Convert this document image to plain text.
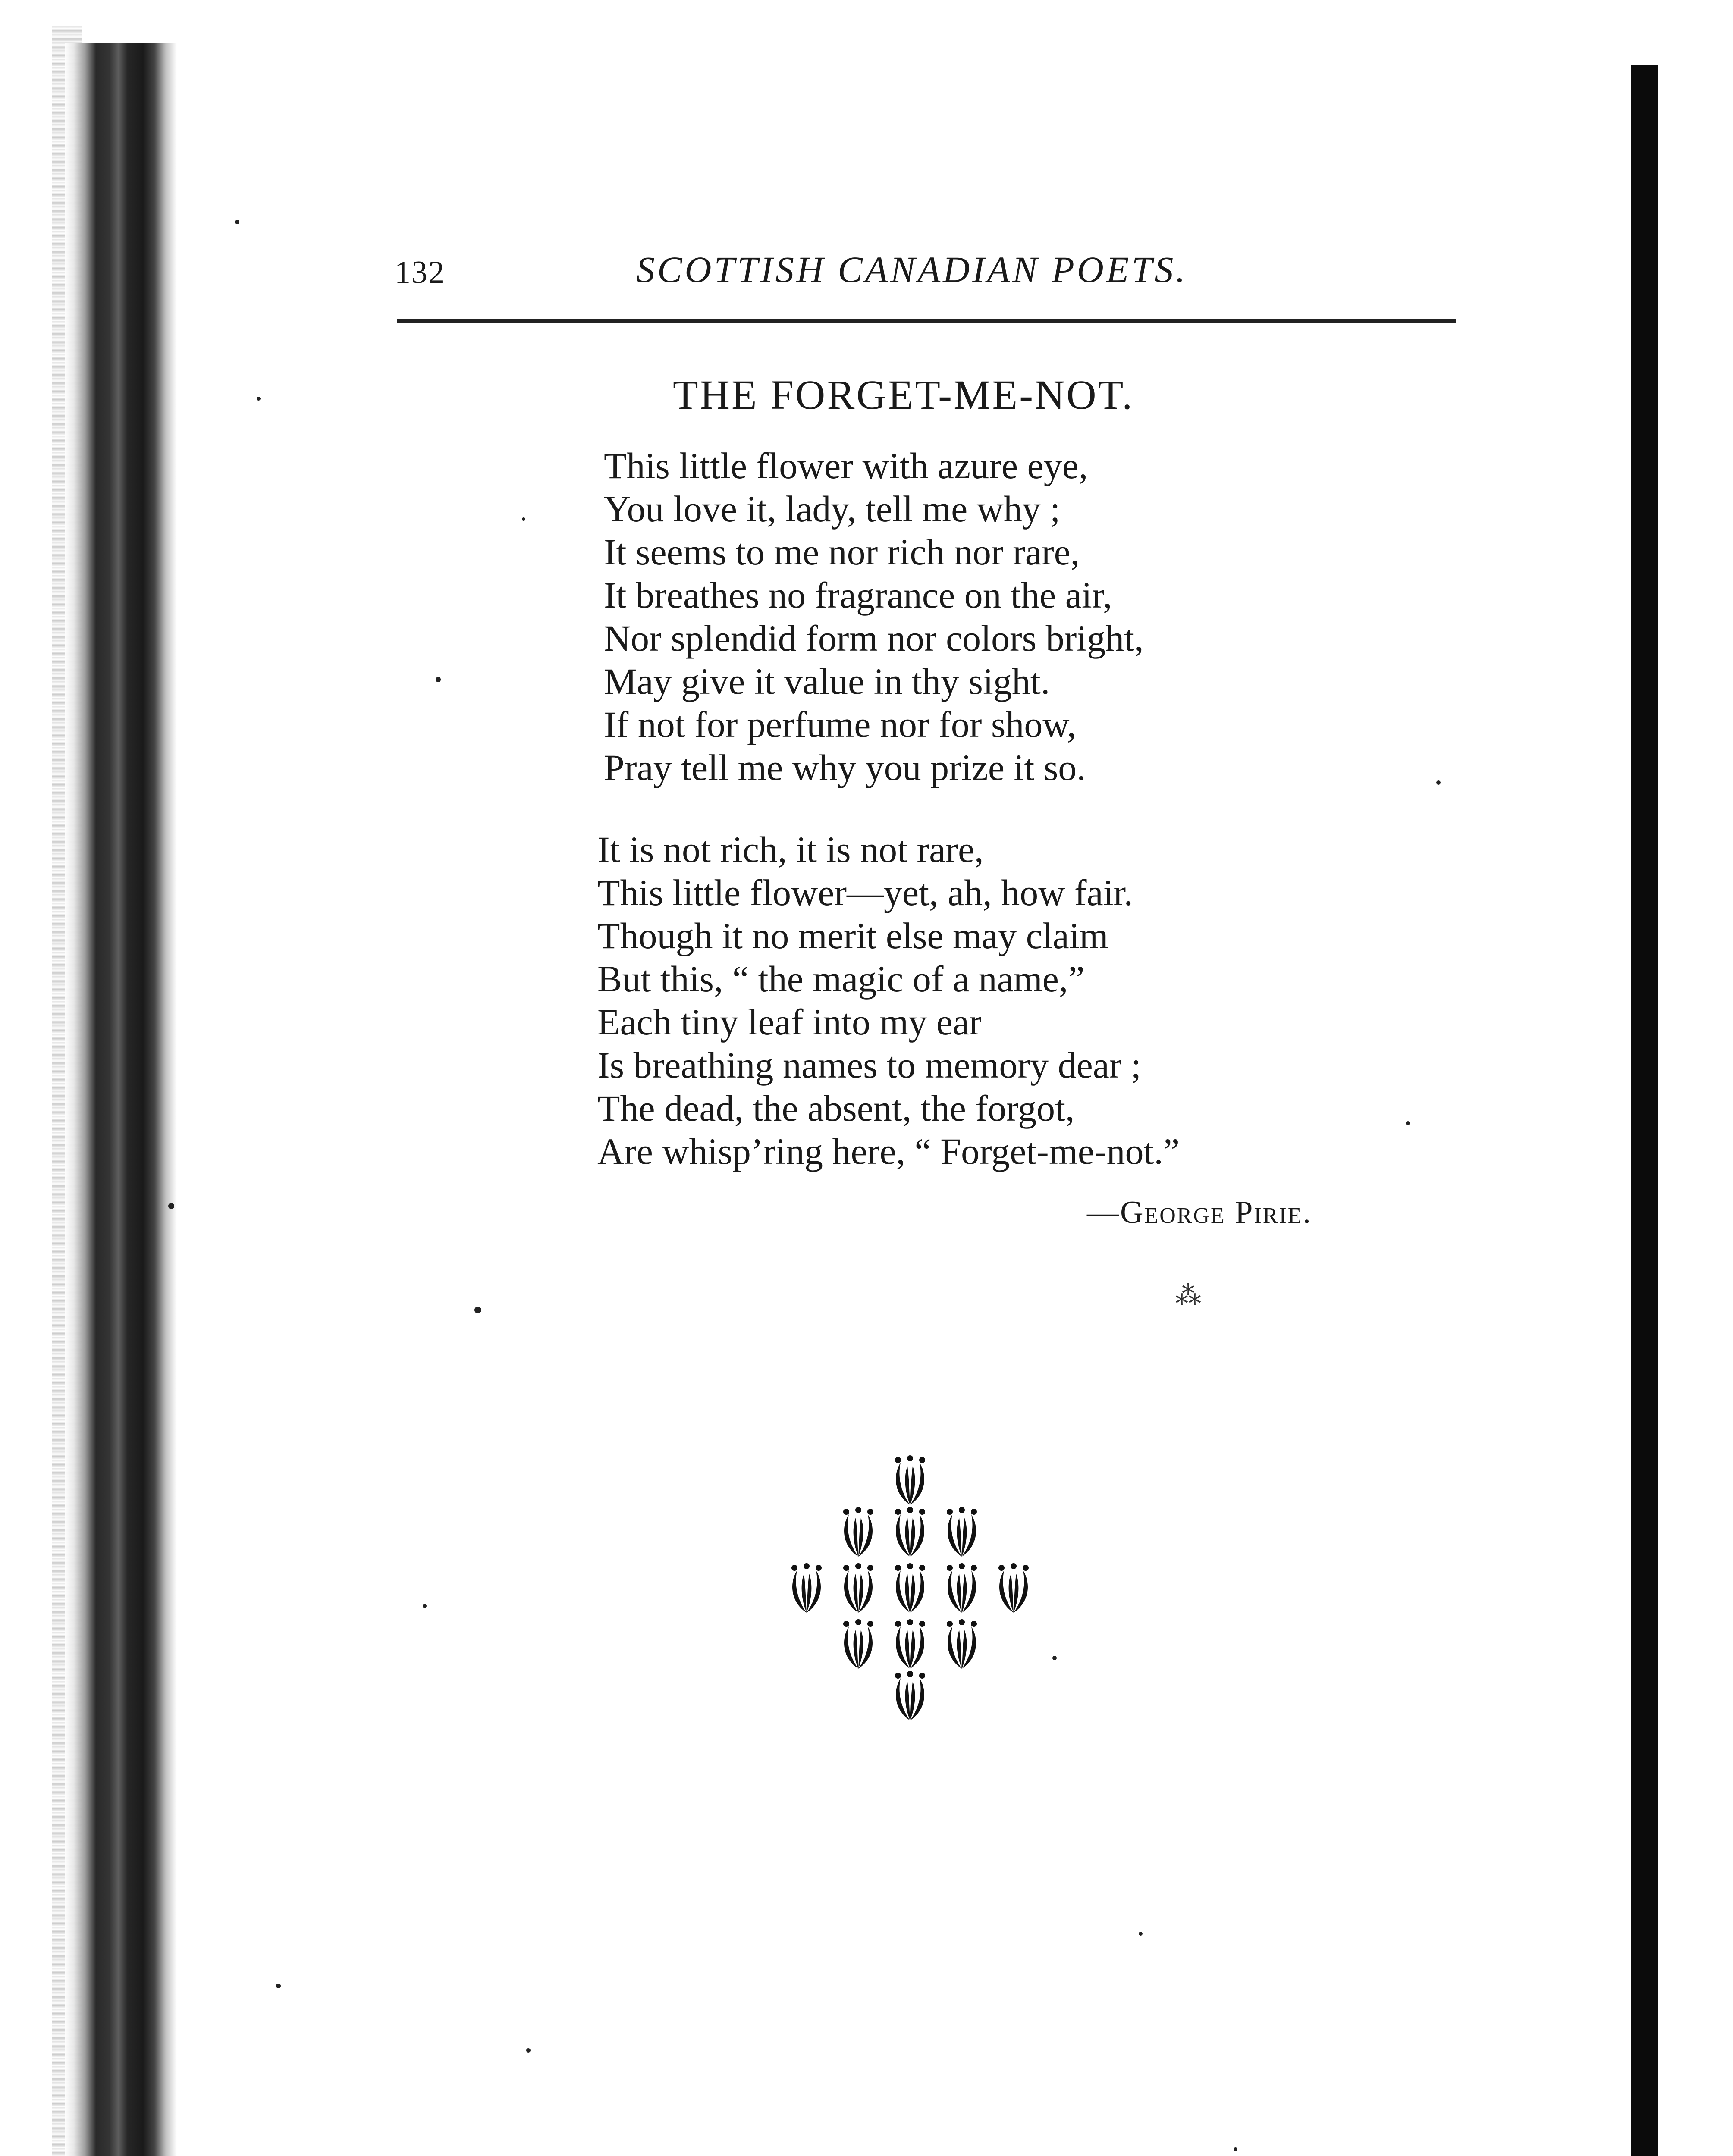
132	SCOTTISH CANADIAN POETS.
THE FORGET-ME-NOT.
This little flower with azure eye,
You love it, lady, tell me why ;
It seems to me nor rich nor rare,
It breathes no fragrance on the air,
Nor splendid form nor colors bright,
May give it value in thy sight.
If not for perfume nor for show,
Pray tell me why you prize it so.
It is not rich, it is not rare,
This little flower—yet, ah, how fair.
Though it no merit else may claim
But this, “ the magic of a name,”
Each tiny leaf into my ear
Is breathing names to memory dear ;
The dead, the absent, the forgot,
Are whisp’ring here, “ Forget-me-not.”
—George Pirie.
⁂
